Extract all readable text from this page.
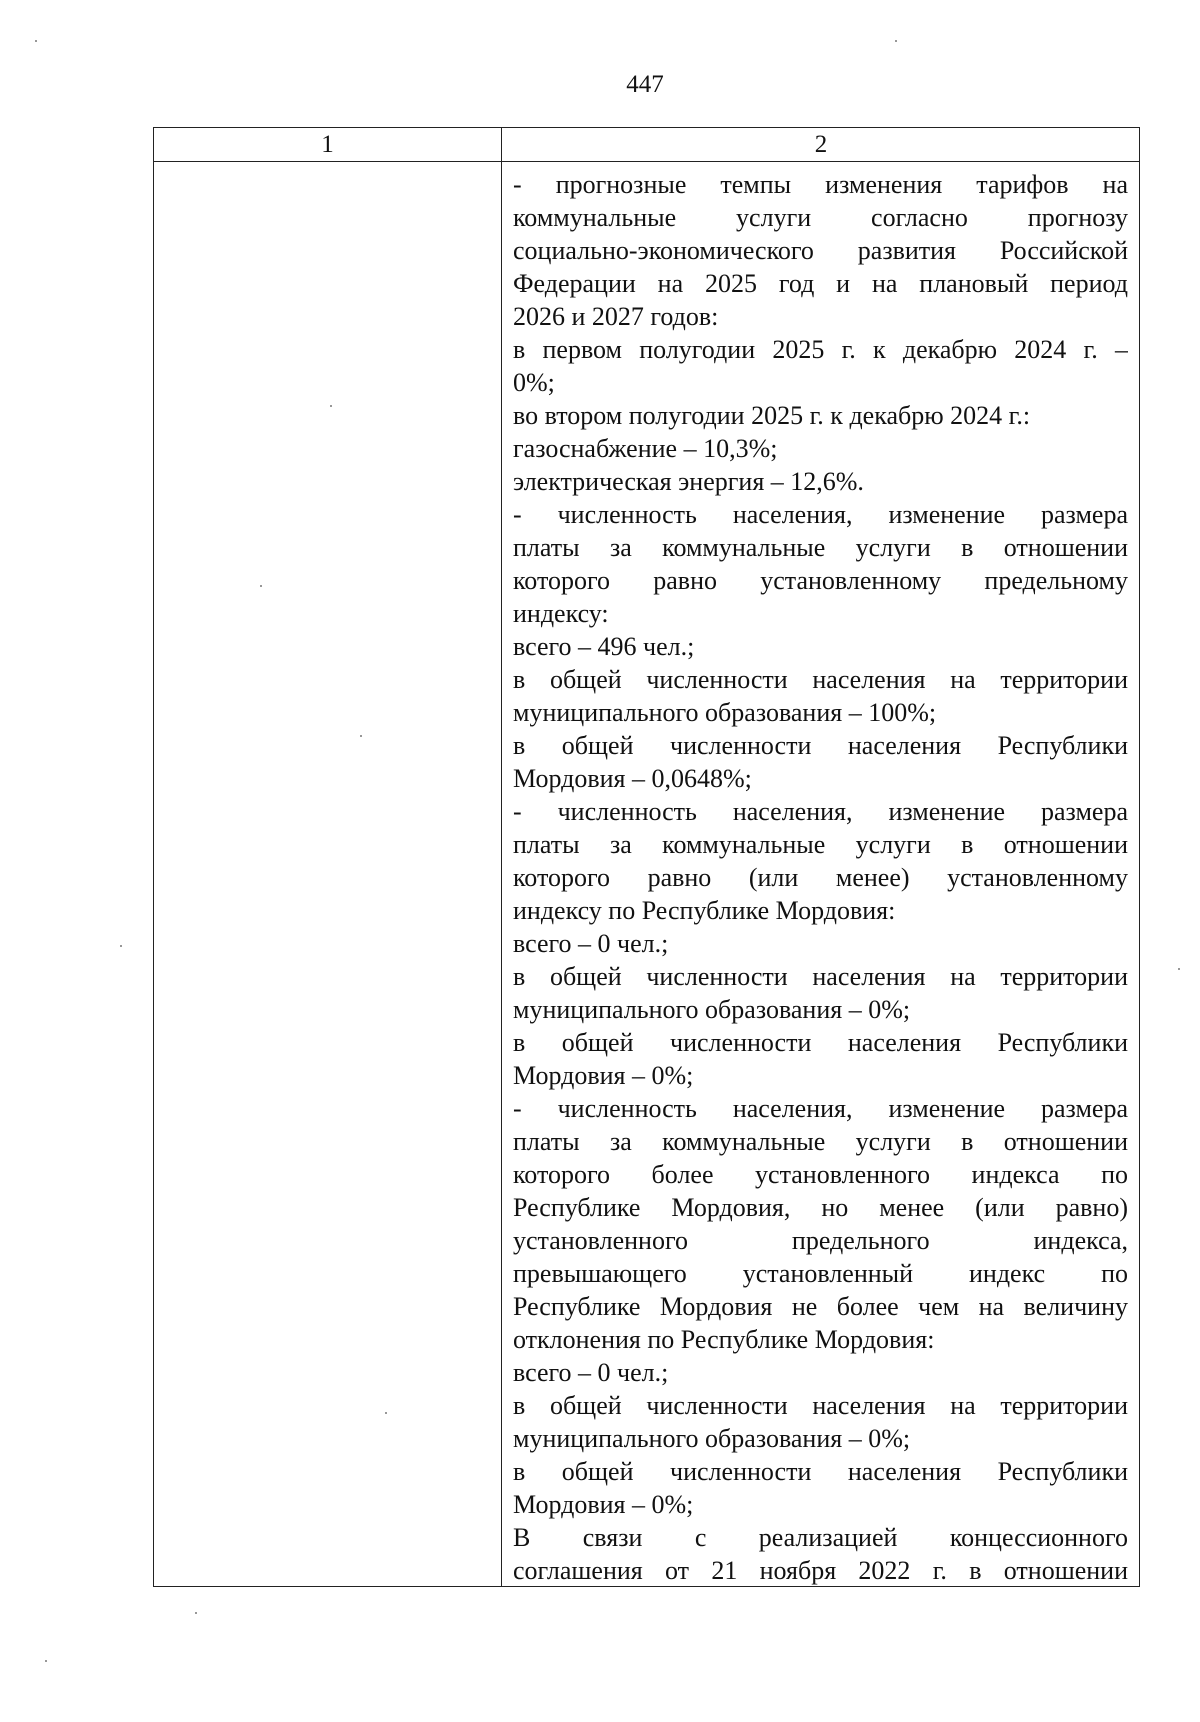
447
1	2
- прогнозные темпы изменения тарифов на
коммунальные услуги согласно прогнозу
социально-экономического развития Российской
Федерации на 2025 год и на плановый период
2026 и 2027 годов:
в первом полугодии 2025 г. к декабрю 2024 г. –
0%;
во втором полугодии 2025 г. к декабрю 2024 г.:
газоснабжение – 10,3%;
электрическая энергия – 12,6%.
- численность населения, изменение размера
платы за коммунальные услуги в отношении
которого равно установленному предельному
индексу:
всего – 496 чел.;
в общей численности населения на территории
муниципального образования – 100%;
в общей численности населения Республики
Мордовия – 0,0648%;
- численность населения, изменение размера
платы за коммунальные услуги в отношении
которого равно (или менее) установленному
индексу по Республике Мордовия:
всего – 0 чел.;
в общей численности населения на территории
муниципального образования – 0%;
в общей численности населения Республики
Мордовия – 0%;
- численность населения, изменение размера
платы за коммунальные услуги в отношении
которого более установленного индекса по
Республике Мордовия, но менее (или равно)
установленного предельного индекса,
превышающего установленный индекс по
Республике Мордовия не более чем на величину
отклонения по Республике Мордовия:
всего – 0 чел.;
в общей численности населения на территории
муниципального образования – 0%;
в общей численности населения Республики
Мордовия – 0%;
В связи с реализацией концессионного
соглашения от 21 ноября 2022 г. в отношении
